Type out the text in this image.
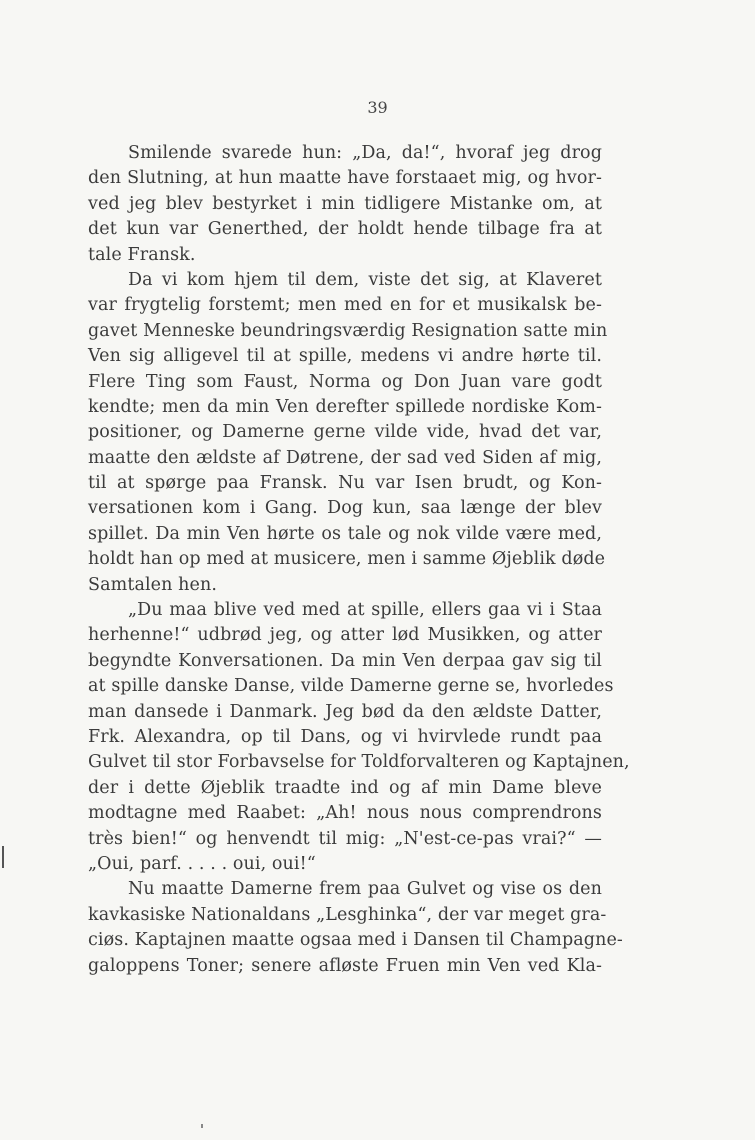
39
Smilende svarede hun: „Da, da!“, hvoraf jeg drog
den Slutning, at hun maatte have forstaaet mig, og hvor-
ved jeg blev bestyrket i min tidligere Mistanke om, at
det kun var Generthed, der holdt hende tilbage fra at
tale Fransk.
Da vi kom hjem til dem, viste det sig, at Klaveret
var frygtelig forstemt; men med en for et musikalsk be-
gavet Menneske beundringsværdig Resignation satte min
Ven sig alligevel til at spille, medens vi andre hørte til.
Flere Ting som Faust, Norma og Don Juan vare godt
kendte; men da min Ven derefter spillede nordiske Kom-
positioner, og Damerne gerne vilde vide, hvad det var,
maatte den ældste af Døtrene, der sad ved Siden af mig,
til at spørge paa Fransk. Nu var Isen brudt, og Kon-
versationen kom i Gang. Dog kun, saa længe der blev
spillet. Da min Ven hørte os tale og nok vilde være med,
holdt han op med at musicere, men i samme Øjeblik døde
Samtalen hen.
„Du maa blive ved med at spille, ellers gaa vi i Staa
herhenne!“ udbrød jeg, og atter lød Musikken, og atter
begyndte Konversationen. Da min Ven derpaa gav sig til
at spille danske Danse, vilde Damerne gerne se, hvorledes
man dansede i Danmark. Jeg bød da den ældste Datter,
Frk. Alexandra, op til Dans, og vi hvirvlede rundt paa
Gulvet til stor Forbavselse for Toldforvalteren og Kaptajnen,
der i dette Øjeblik traadte ind og af min Dame bleve
modtagne med Raabet: „Ah! nous nous comprendrons
très bien!“ og henvendt til mig: „N'est-ce-pas vrai?“ —
„Oui, parf. . . . . oui, oui!“
Nu maatte Damerne frem paa Gulvet og vise os den
kavkasiske Nationaldans „Lesghinka“, der var meget gra-
ciøs. Kaptajnen maatte ogsaa med i Dansen til Champagne-
galoppens Toner; senere afløste Fruen min Ven ved Kla-
